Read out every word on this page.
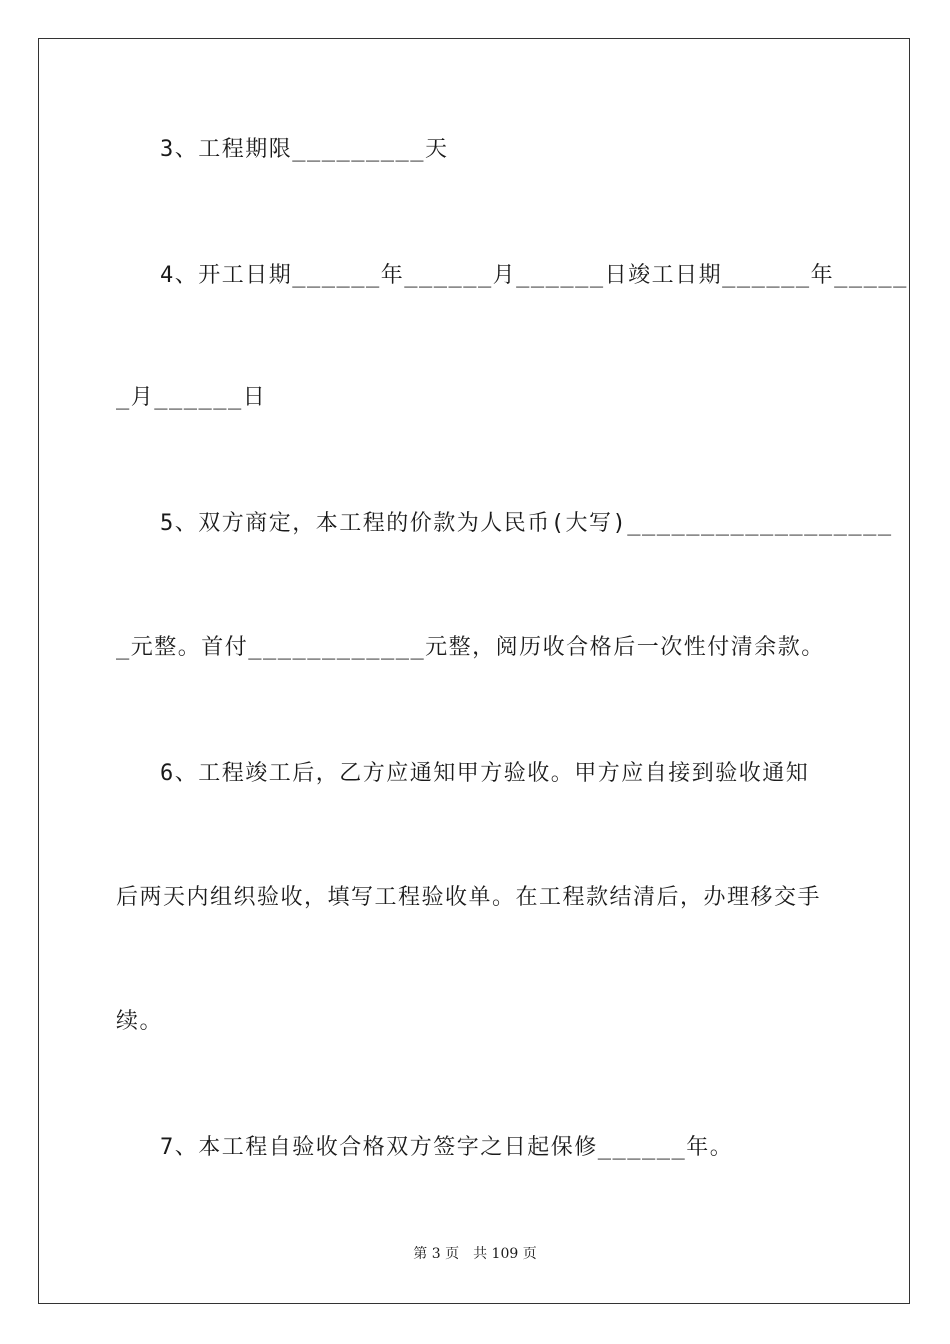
3、工程期限_________天
4、开工日期______年______月______日竣工日期______年_____
_月______日
5、双方商定，本工程的价款为人民币(大写)__________________
_元整。首付____________元整，阅历收合格后一次性付清余款。
6、工程竣工后，乙方应通知甲方验收。甲方应自接到验收通知
后两天内组织验收，填写工程验收单。在工程款结清后，办理移交手
续。
7、本工程自验收合格双方签字之日起保修______年。
第 3 页　共 109 页
